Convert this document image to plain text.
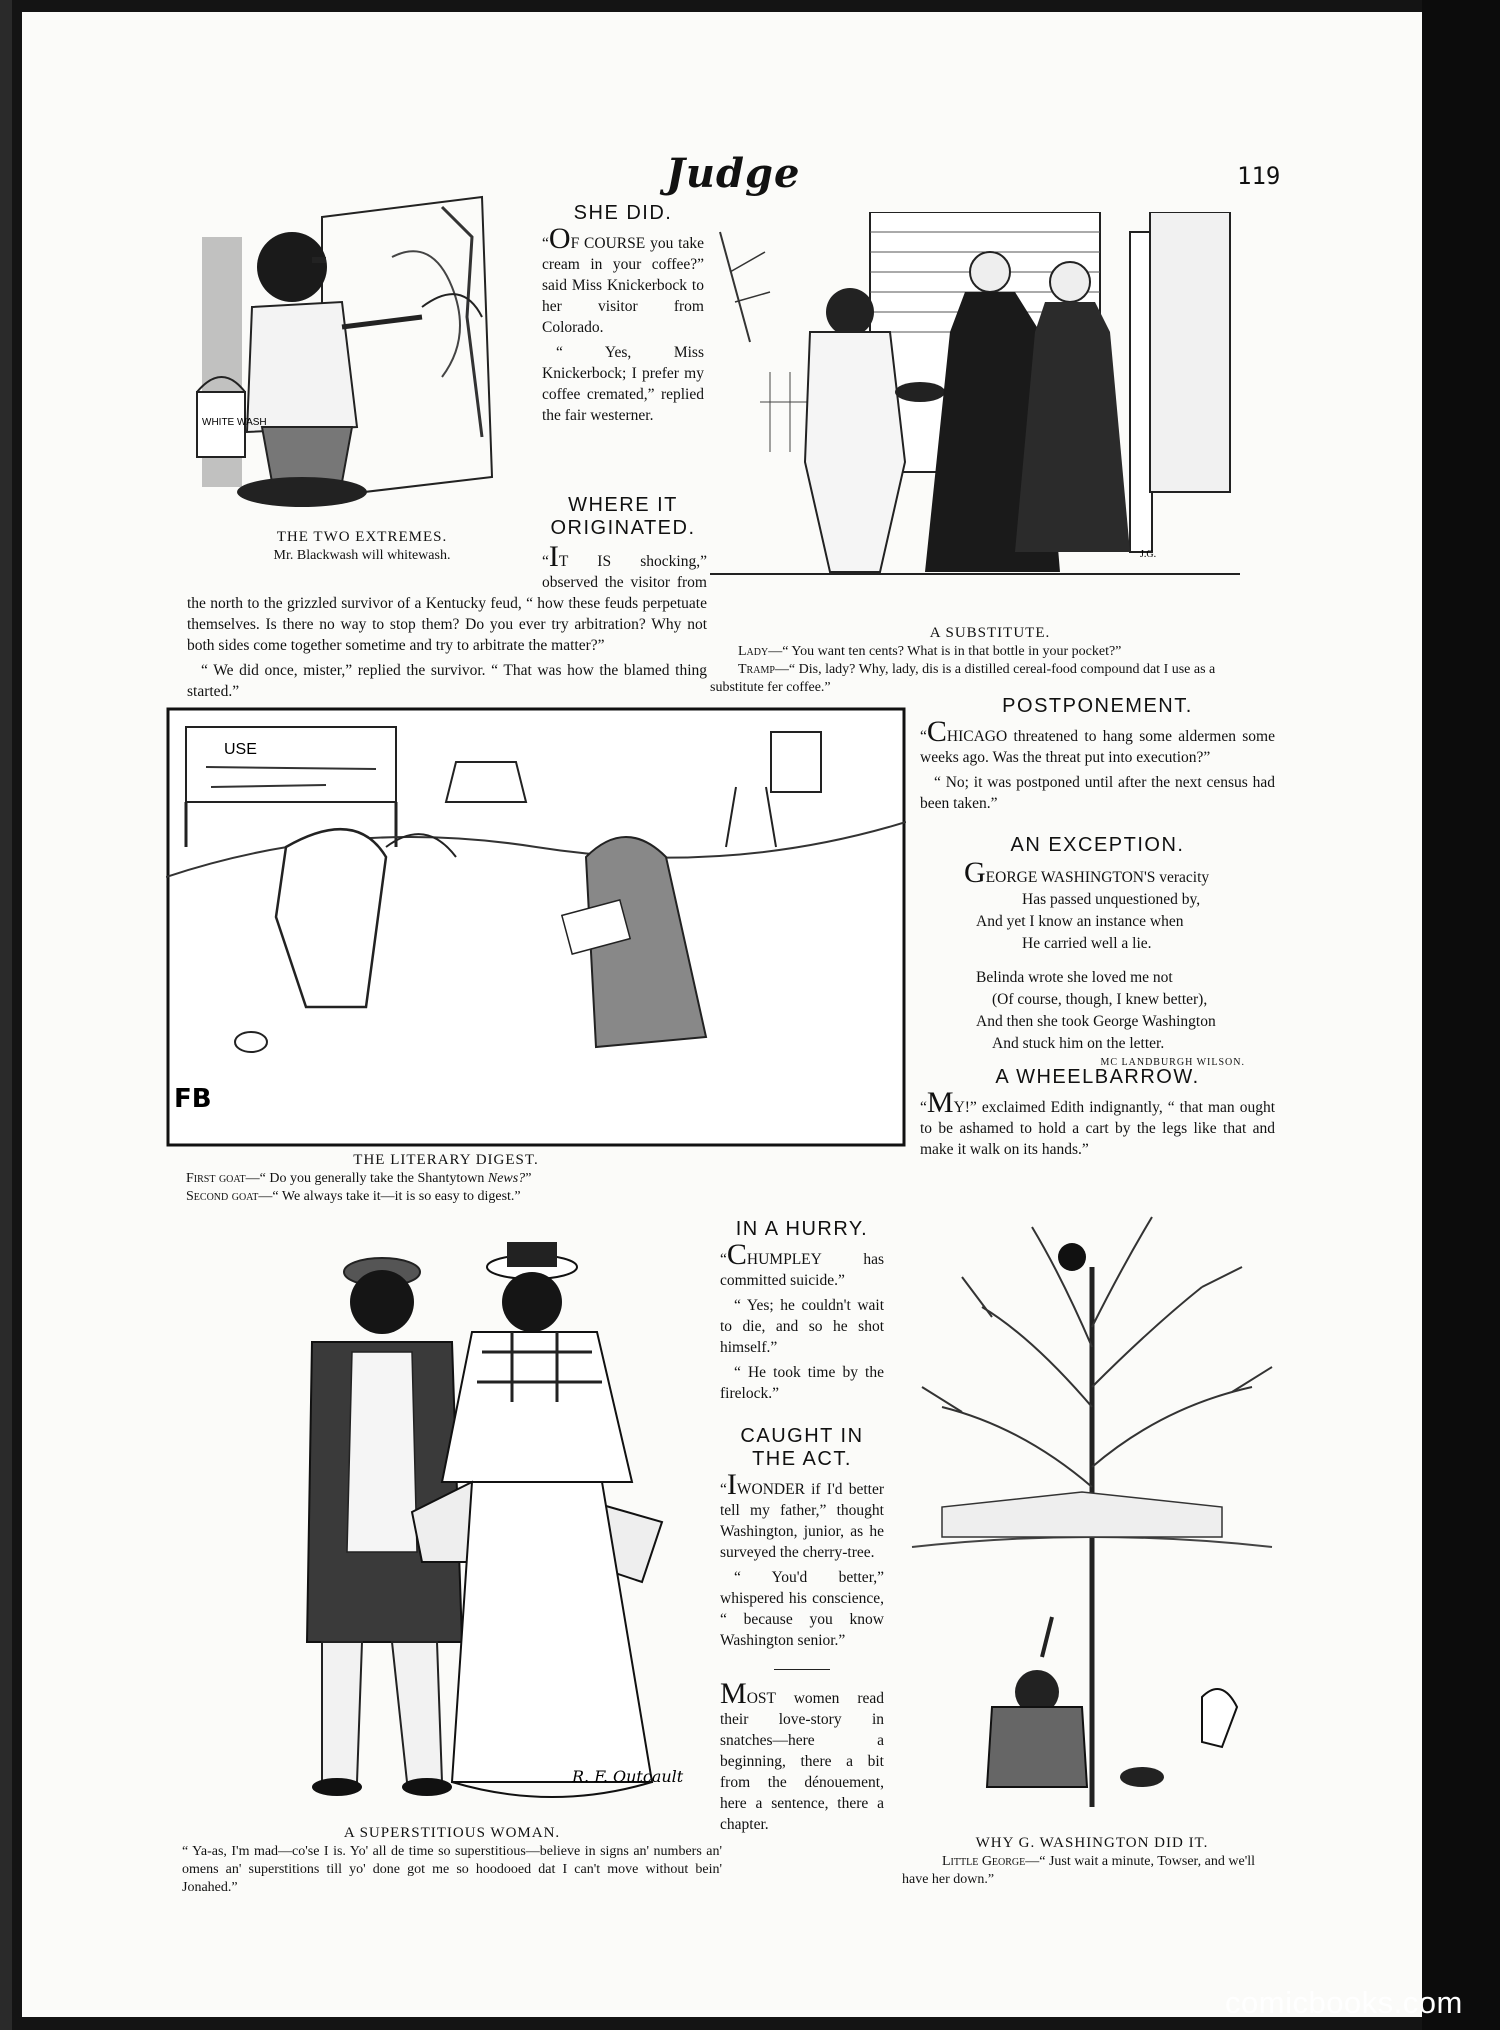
Judge	119
WHITE WASH
THE TWO EXTREMES.
Mr. Blackwash will whitewash.
SHE DID.

“OF COURSE you take cream in your coffee?” said Miss Knickerbock to her visitor from Colorado.

“ Yes, Miss Knickerbock; I prefer my coffee cremated,” replied the fair westerner.

WHERE IT
ORIGINATED.

“IT IS shocking,” observed the visitor from the north to the grizzled survivor of a Kentucky feud, “ how these feuds perpetuate themselves. Is there no way to stop them? Do you ever try arbitration? Why not both sides come together sometime and try to arbitrate the matter?”

“ We did once, mister,” replied the survivor. “ That was how the blamed thing started.”

J.G.
A SUBSTITUTE.
Lady—“ You want ten cents? What is in that bottle in your pocket?”
Tramp—“ Dis, lady? Why, lady, dis is a distilled cereal-food compound dat I use as a substitute fer coffee.”
USE
FB
THE LITERARY DIGEST.
First goat—“ Do you generally take the Shantytown News?”
Second goat—“ We always take it—it is so easy to digest.”
POSTPONEMENT.

“CHICAGO threatened to hang some aldermen some weeks ago. Was the threat put into execution?”

“ No; it was postponed until after the next census had been taken.”

AN EXCEPTION.
GEORGE WASHINGTON'S veracity
Has passed unquestioned by,
And yet I know an instance when
He carried well a lie.
Belinda wrote she loved me not
(Of course, though, I knew better),
And then she took George Washington
And stuck him on the letter.
MC LANDBURGH WILSON.
A WHEELBARROW.

“MY!” exclaimed Edith indignantly, “ that man ought to be ashamed to hold a cart by the legs like that and make it walk on its hands.”

R. F. Outcault
A SUPERSTITIOUS WOMAN.
“ Ya-as, I'm mad—co'se I is. Yo' all de time so superstitious—believe in signs an' numbers an' omens an' superstitions till yo' done got me so hoodooed dat I can't move without bein' Jonahed.”
IN A HURRY.

“CHUMPLEY has committed suicide.”

“ Yes; he couldn't wait to die, and so he shot himself.”

“ He took time by the firelock.”

CAUGHT IN
THE ACT.

“IWONDER if I'd better tell my father,” thought Washington, junior, as he surveyed the cherry-tree.

“ You'd better,” whispered his conscience, “ because you know Washington senior.”

MOST women read their love-story in snatches—here a beginning, there a bit from the dénouement, here a sentence, there a chapter.

WHY G. WASHINGTON DID IT.
Little George—“ Just wait a minute, Towser, and we'll have her down.”
comicbooks.com
